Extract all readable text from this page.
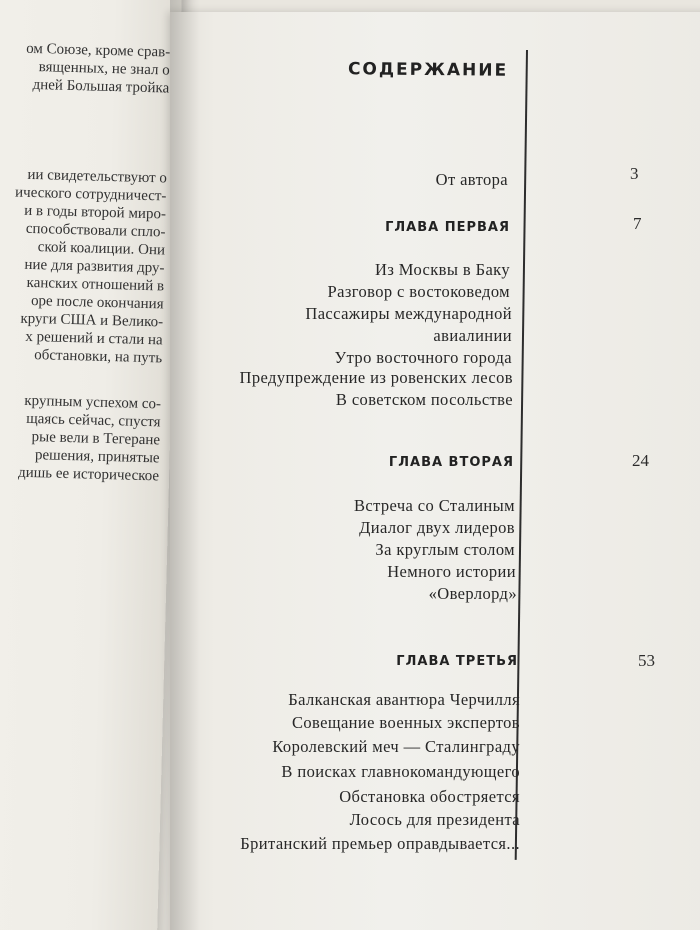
ом Союзе, кроме срав-
вященных, не знал о
дней Большая тройка
ии свидетельствуют о
ического сотрудничест-
и в годы второй миро-
способствовали спло-
ской коалиции. Они
ние для развития дру-
канских отношений в
оре после окончания
круги США и Велико-
х решений и стали на
обстановки, на путь
крупным успехом со-
щаясь сейчас, спустя
рые вели в Тегеране
решения, принятые
дишь ее историческое
СОДЕРЖАНИЕ
От автора	3
ГЛАВА ПЕРВАЯ	7
Из Москвы в Баку
Разговор с востоковедом
Пассажиры международной
авиалинии
Утро восточного города
Предупреждение из ровенских лесов
В советском посольстве
ГЛАВА ВТОРАЯ	24
Встреча со Сталиным
Диалог двух лидеров
За круглым столом
Немного истории
«Оверлорд»
ГЛАВА ТРЕТЬЯ	53
Балканская авантюра Черчилля
Совещание военных экспертов
Королевский меч — Сталинграду
В поисках главнокомандующего
Обстановка обостряется
Лосось для президента
Британский премьер оправдывается...
